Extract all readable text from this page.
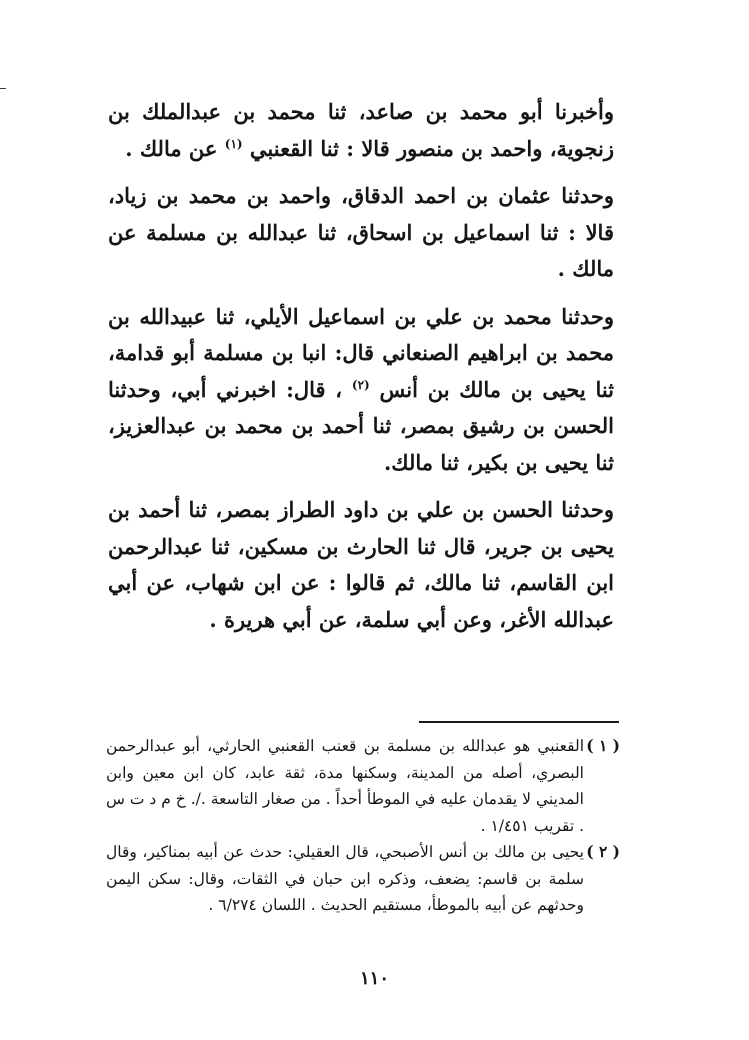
وأخبرنا أبو محمد بن صاعد، ثنا محمد بن عبدالملك بن زنجوية، واحمد بن منصور قالا : ثنا القعنبي $^{(١)}$ عن مالك .

وحدثنا عثمان بن احمد الدقاق، واحمد بن محمد بن زياد، قالا : ثنا اسماعيل بن اسحاق، ثنا عبدالله بن مسلمة عن مالك .

وحدثنا محمد بن علي بن اسماعيل الأيلي، ثنا عبيدالله بن محمد بن ابراهيم الصنعاني قال: انبا بن مسلمة أبو قدامة، ثنا يحيى بن مالك بن أنس $^{(٢)}$ ، قال: اخبرني أبي، وحدثنا الحسن بن رشيق بمصر، ثنا أحمد بن محمد بن عبدالعزيز، ثنا يحيى بن بكير، ثنا مالك.

وحدثنا الحسن بن علي بن داود الطراز بمصر، ثنا أحمد بن يحيى بن جرير، قال ثنا الحارث بن مسكين، ثنا عبدالرحمن ابن القاسم، ثنا مالك، ثم قالوا : عن ابن شهاب، عن أبي عبدالله الأغر، وعن أبي سلمة، عن أبي هريرة .

( ١ )
القعنبي هو عبدالله بن مسلمة بن قعنب القعنبي الحارثي، أبو عبدالرحمن البصري، أصله من المدينة، وسكنها مدة، ثقة عابد، كان ابن معين وابن المديني لا يقدمان عليه في الموطأ أحداً . من صغار التاسعة ./. خ م د ت س . تقريب ١/٤٥١ .
( ٢ )
يحيى بن مالك بن أنس الأصبحي، قال العقيلي: حدث عن أبيه بمناكير، وقال سلمة بن قاسم: يضعف، وذكره ابن حبان في الثقات، وقال: سكن اليمن وحدثهم عن أبيه بالموطأ، مستقيم الحديث . اللسان ٦/٢٧٤ .
١١٠
